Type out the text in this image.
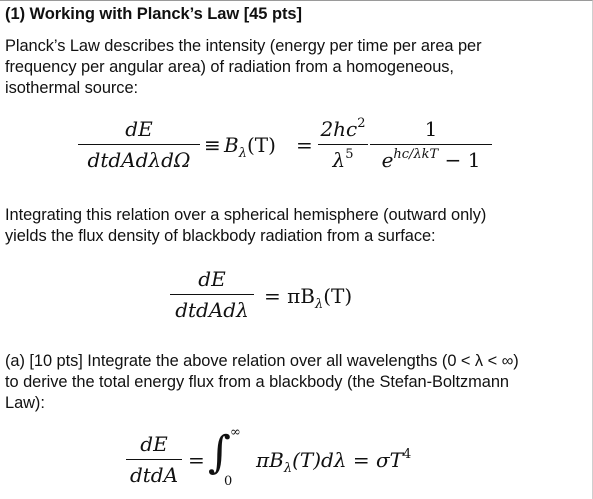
(1) Working with Planck’s Law [45 pts]
Planck’s Law describes the intensity (energy per time per area per
frequency per angular area) of radiation from a homogeneous,
isothermal source:
dE
dtdAdλdΩ
≡ $B_\lambda(T)$ =
$2hc^2$
$\lambda^5$
1
$e^{hc/\lambda kT} - 1$
Integrating this relation over a spherical hemisphere (outward only)
yields the flux density of blackbody radiation from a surface:
dE
dtdAdλ
= $\pi B_\lambda(T)$
(a) [10 pts] Integrate the above relation over all wavelengths (0 < λ < ∞)
to derive the total energy flux from a blackbody (the Stefan-Boltzmann
Law):
dE
dtdA
= ∫ ∞
0
$\pi B_\lambda(T)d\lambda = \sigma T^4$
